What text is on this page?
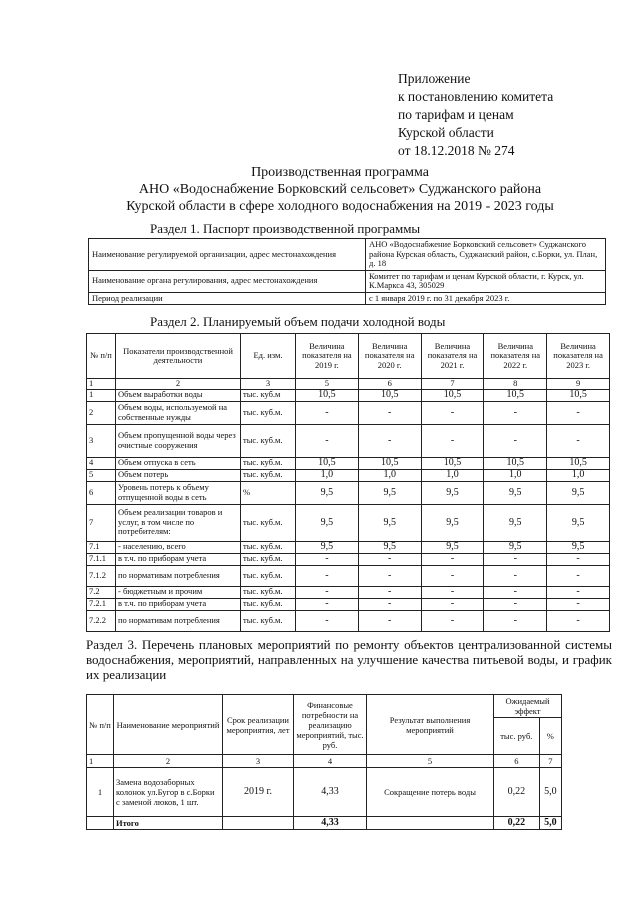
Приложение
к постановлению комитета
по тарифам и ценам
Курской области
от 18.12.2018 № 274
Производственная программа
АНО «Водоснабжение Борковский сельсовет» Суджанского района
Курской области в сфере холодного водоснабжения на 2019 - 2023 годы
Раздел 1. Паспорт производственной программы
Наименование регулируемой организации, адрес местонахождения	АНО «Водоснабжение Борковский сельсовет» Суджанского района Курская область, Суджанский район, с.Борки, ул. План, д. 18
Наименование органа регулирования, адрес местонахождения	Комитет по тарифам и ценам Курской области, г. Курск, ул. К.Маркса 43, 305029
Период реализации	с 1 января 2019 г. по 31 декабря 2023 г.
Раздел 2. Планируемый объем подачи холодной воды
№ п/п	Показатели производственной деятельности	Ед. изм.	Величина показателя на 2019 г.	Величина показателя на 2020 г.	Величина показателя на 2021 г.	Величина показателя на 2022 г.	Величина показателя на 2023 г.
1	2	3	5	6	7	8	9
1	Объем выработки воды	тыс. куб.м	10,5	10,5	10,5	10,5	10,5
2	Объем воды, используемой на собственные нужды	тыс. куб.м.	-	-	-	-	-
3	Объем пропущенной воды через очистные сооружения	тыс. куб.м.	-	-	-	-	-
4	Объем отпуска в сеть	тыс. куб.м.	10,5	10,5	10,5	10,5	10,5
5	Объем потерь	тыс. куб.м.	1,0	1,0	1,0	1,0	1,0
6	Уровень потерь к объему отпущенной воды в сеть	%	9,5	9,5	9,5	9,5	9,5
7	Объем реализации товаров и услуг, в том числе по потребителям:	тыс. куб.м.	9,5	9,5	9,5	9,5	9,5
7.1	- населению, всего	тыс. куб.м.	9,5	9,5	9,5	9,5	9,5
7.1.1	в т.ч. по приборам учета	тыс. куб.м.	-	-	-	-	-
7.1.2	по нормативам потребления	тыс. куб.м.	-	-	-	-	-
7.2	- бюджетным и прочим	тыс. куб.м.	-	-	-	-	-
7.2.1	в т.ч. по приборам учета	тыс. куб.м.	-	-	-	-	-
7.2.2	по нормативам потребления	тыс. куб.м.	-	-	-	-	-
Раздел 3. Перечень плановых мероприятий по ремонту объектов централизованной системы водоснабжения, мероприятий, направленных на улучшение качества питьевой воды, и график их реализации
№ п/п	Наименование мероприятий	Срок реализации мероприятия, лет	Финансовые потребности на реализацию мероприятий, тыс. руб.	Результат выполнения мероприятий	Ожидаемый эффект	
					тыс. руб.	%
1	2	3	4	5	6	7
1	Замена водозаборных колонок ул.Бугор в с.Борки с заменой люков, 1 шт.	2019 г.	4,33	Сокращение потерь воды	0,22	5,0
	Итого		4,33		0,22	5,0
